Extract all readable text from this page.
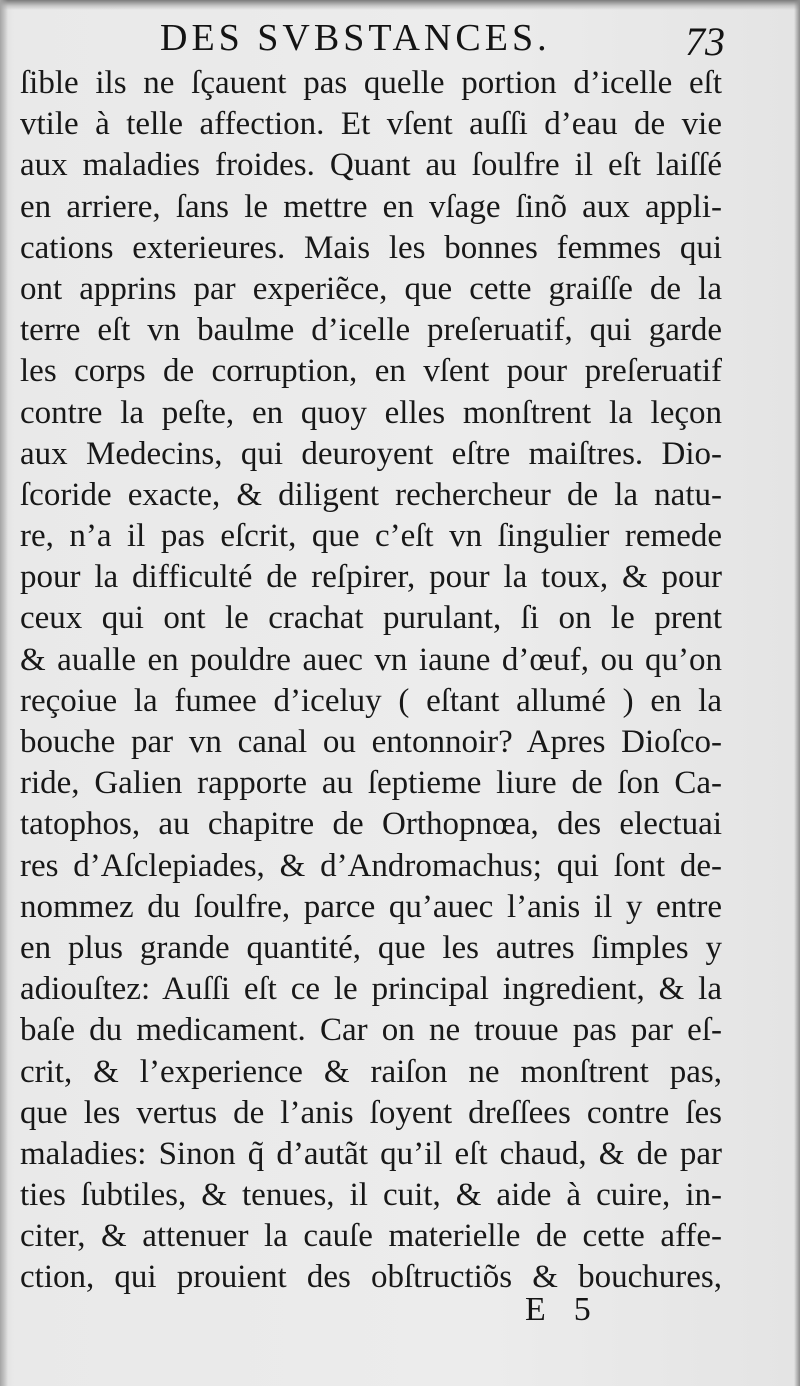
DES SVBSTANCES.	73
ſible ils ne ſçauent pas quelle portion d’icelle eſt
vtile à telle affection. Et vſent auſſi d’eau de vie
aux maladies froides. Quant au ſoulfre il eſt laiſſé
en arriere, ſans le mettre en vſage ſinõ aux appli-
cations exterieures. Mais les bonnes femmes qui
ont apprins par experiẽce, que cette graiſſe de la
terre eſt vn baulme d’icelle preſeruatif, qui garde
les corps de corruption, en vſent pour preſeruatif
contre la peſte, en quoy elles monſtrent la leçon
aux Medecins, qui deuroyent eſtre maiſtres. Dio-
ſcoride exacte, & diligent rechercheur de la natu-
re, n’a il pas eſcrit, que c’eſt vn ſingulier remede
pour la difficulté de reſpirer, pour la toux, & pour
ceux qui ont le crachat purulant, ſi on le prent
& aualle en pouldre auec vn iaune d’œuf, ou qu’on
reçoiue la fumee d’iceluy ( eſtant allumé ) en la
bouche par vn canal ou entonnoir? Apres Dioſco-
ride, Galien rapporte au ſeptieme liure de ſon Ca-
tatophos, au chapitre de Orthopnœa, des electuai
res d’Aſclepiades, & d’Andromachus; qui ſont de-
nommez du ſoulfre, parce qu’auec l’anis il y entre
en plus grande quantité, que les autres ſimples y
adiouſtez: Auſſi eſt ce le principal ingredient, & la
baſe du medicament. Car on ne trouue pas par eſ-
crit, & l’experience & raiſon ne monſtrent pas,
que les vertus de l’anis ſoyent dreſſees contre ſes
maladies: Sinon q̃ d’autãt qu’il eſt chaud, & de par
ties ſubtiles, & tenues, il cuit, & aide à cuire, in-
citer, & attenuer la cauſe materielle de cette affe-
ction, qui prouient des obſtructiõs & bouchures,
E 5
